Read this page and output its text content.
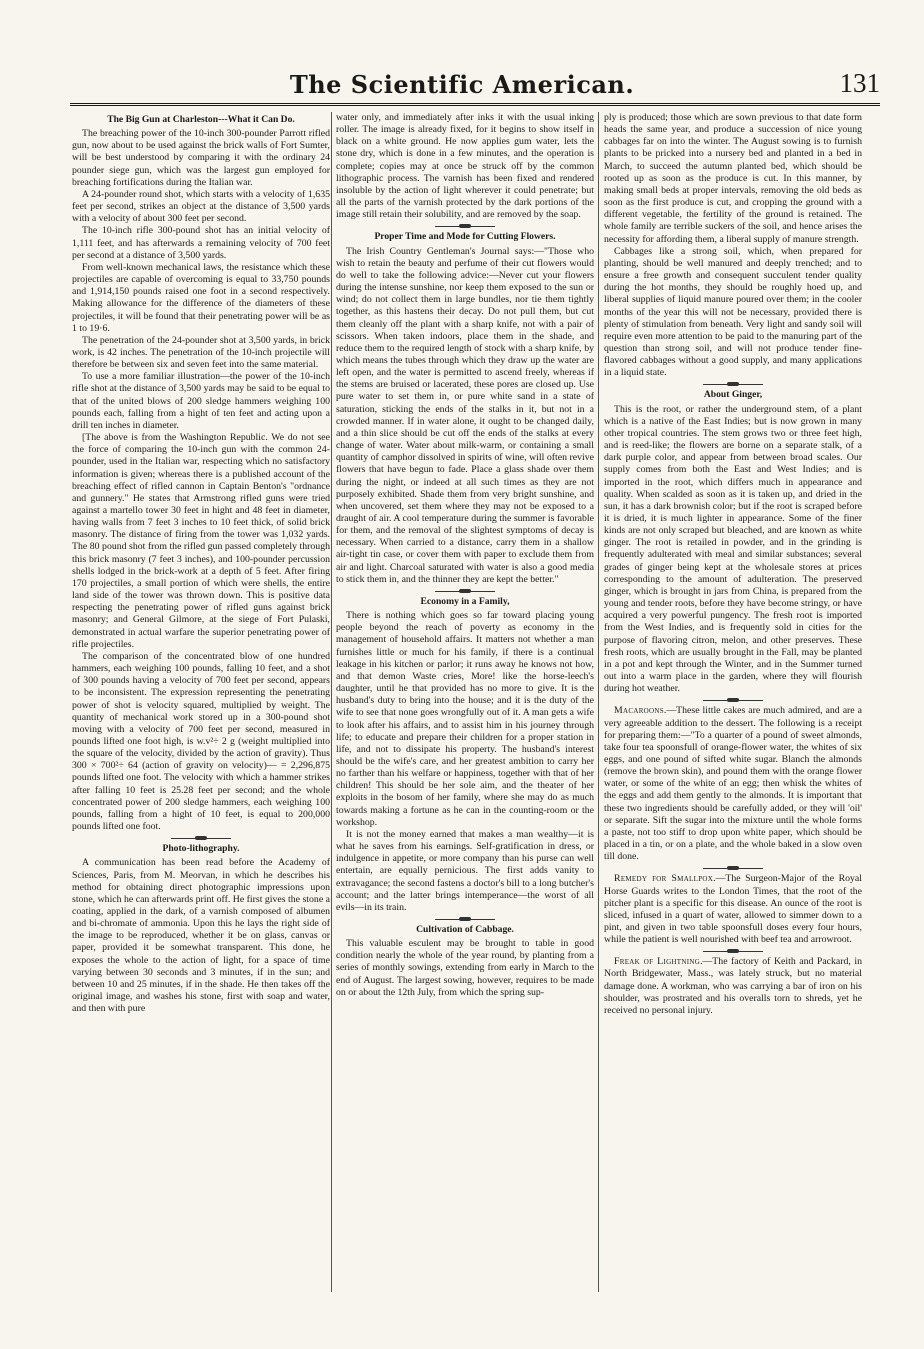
The Scientific American.	131
The Big Gun at Charleston---What it Can Do.

The breaching power of the 10-inch 300-pounder Parrott rifled gun, now about to be used against the brick walls of Fort Sumter, will be best understood by comparing it with the ordinary 24 pounder siege gun, which was the largest gun employed for breaching fortifications during the Italian war.

A 24-pounder round shot, which starts with a velocity of 1,635 feet per second, strikes an object at the distance of 3,500 yards with a velocity of about 300 feet per second.

The 10-inch rifle 300-pound shot has an initial velocity of 1,111 feet, and has afterwards a remaining velocity of 700 feet per second at a distance of 3,500 yards.

From well-known mechanical laws, the resistance which these projectiles are capable of overcoming is equal to 33,750 pounds and 1,914,150 pounds raised one foot in a second respectively. Making allowance for the difference of the diameters of these projectiles, it will be found that their penetrating power will be as 1 to 19·6.

The penetration of the 24-pounder shot at 3,500 yards, in brick work, is 42 inches. The penetration of the 10-inch projectile will therefore be between six and seven feet into the same material.

To use a more familiar illustration—the power of the 10-inch rifle shot at the distance of 3,500 yards may be said to be equal to that of the united blows of 200 sledge hammers weighing 100 pounds each, falling from a hight of ten feet and acting upon a drill ten inches in diameter.

[The above is from the Washington Republic. We do not see the force of comparing the 10-inch gun with the common 24-pounder, used in the Italian war, respecting which no satisfactory information is given; whereas there is a published account of the breaching effect of rifled cannon in Captain Benton's "ordnance and gunnery." He states that Armstrong rifled guns were tried against a martello tower 30 feet in hight and 48 feet in diameter, having walls from 7 feet 3 inches to 10 feet thick, of solid brick masonry. The distance of firing from the tower was 1,032 yards. The 80 pound shot from the rifled gun passed completely through this brick masonry (7 feet 3 inches), and 100-pounder percussion shells lodged in the brick-work at a depth of 5 feet. After firing 170 projectiles, a small portion of which were shells, the entire land side of the tower was thrown down. This is positive data respecting the penetrating power of rifled guns against brick masonry; and General Gilmore, at the siege of Fort Pulaski, demonstrated in actual warfare the superior penetrating power of rifle projectiles.

The comparison of the concentrated blow of one hundred hammers, each weighing 100 pounds, falling 10 feet, and a shot of 300 pounds having a velocity of 700 feet per second, appears to be inconsistent. The expression representing the penetrating power of shot is velocity squared, multiplied by weight. The quantity of mechanical work stored up in a 300-pound shot moving with a velocity of 700 feet per second, measured in pounds lifted one foot high, is w.v²÷ 2 g (weight multiplied into the square of the velocity, divided by the action of gravity). Thus 300 × 700²÷ 64 (action of gravity on velocity)— = 2,296,875 pounds lifted one foot. The velocity with which a hammer strikes after falling 10 feet is 25.28 feet per second; and the whole concentrated power of 200 sledge hammers, each weighing 100 pounds, falling from a hight of 10 feet, is equal to 200,000 pounds lifted one foot.

Photo-lithography.

A communication has been read before the Academy of Sciences, Paris, from M. Meorvan, in which he describes his method for obtaining direct photographic impressions upon stone, which he can afterwards print off. He first gives the stone a coating, applied in the dark, of a varnish composed of albumen and bi-chromate of ammonia. Upon this he lays the right side of the image to be reproduced, whether it be on glass, canvas or paper, provided it be somewhat transparent. This done, he exposes the whole to the action of light, for a space of time varying between 30 seconds and 3 minutes, if in the sun; and between 10 and 25 minutes, if in the shade. He then takes off the original image, and washes his stone, first with soap and water, and then with pure

water only, and immediately after inks it with the usual inking roller. The image is already fixed, for it begins to show itself in black on a white ground. He now applies gum water, lets the stone dry, which is done in a few minutes, and the operation is complete; copies may at once be struck off by the common lithographic process. The varnish has been fixed and rendered insoluble by the action of light wherever it could penetrate; but all the parts of the varnish protected by the dark portions of the image still retain their solubility, and are removed by the soap.

Proper Time and Mode for Cutting Flowers.

The Irish Country Gentleman's Journal says:—"Those who wish to retain the beauty and perfume of their cut flowers would do well to take the following advice:—Never cut your flowers during the intense sunshine, nor keep them exposed to the sun or wind; do not collect them in large bundles, nor tie them tightly together, as this hastens their decay. Do not pull them, but cut them cleanly off the plant with a sharp knife, not with a pair of scissors. When taken indoors, place them in the shade, and reduce them to the required length of stock with a sharp knife, by which means the tubes through which they draw up the water are left open, and the water is permitted to ascend freely, whereas if the stems are bruised or lacerated, these pores are closed up. Use pure water to set them in, or pure white sand in a state of saturation, sticking the ends of the stalks in it, but not in a crowded manner. If in water alone, it ought to be changed daily, and a thin slice should be cut off the ends of the stalks at every change of water. Water about milk-warm, or containing a small quantity of camphor dissolved in spirits of wine, will often revive flowers that have begun to fade. Place a glass shade over them during the night, or indeed at all such times as they are not purposely exhibited. Shade them from very bright sunshine, and when uncovered, set them where they may not be exposed to a draught of air. A cool temperature during the summer is favorable for them, and the removal of the slightest symptoms of decay is necessary. When carried to a distance, carry them in a shallow air-tight tin case, or cover them with paper to exclude them from air and light. Charcoal saturated with water is also a good media to stick them in, and the thinner they are kept the better."

Economy in a Family,

There is nothing which goes so far toward placing young people beyond the reach of poverty as economy in the management of household affairs. It matters not whether a man furnishes little or much for his family, if there is a continual leakage in his kitchen or parlor; it runs away he knows not how, and that demon Waste cries, More! like the horse-leech's daughter, until he that provided has no more to give. It is the husband's duty to bring into the house; and it is the duty of the wife to see that none goes wrongfully out of it. A man gets a wife to look after his affairs, and to assist him in his journey through life; to educate and prepare their children for a proper station in life, and not to dissipate his property. The husband's interest should be the wife's care, and her greatest ambition to carry her no farther than his welfare or happiness, together with that of her children! This should be her sole aim, and the theater of her exploits in the bosom of her family, where she may do as much towards making a fortune as he can in the counting-room or the workshop.

It is not the money earned that makes a man wealthy—it is what he saves from his earnings. Self-gratification in dress, or indulgence in appetite, or more company than his purse can well entertain, are equally pernicious. The first adds vanity to extravagance; the second fastens a doctor's bill to a long butcher's account; and the latter brings intemperance—the worst of all evils—in its train.

Cultivation of Cabbage.

This valuable esculent may be brought to table in good condition nearly the whole of the year round, by planting from a series of monthly sowings, extending from early in March to the end of August. The largest sowing, however, requires to be made on or about the 12th July, from which the spring sup-

ply is produced; those which are sown previous to that date form heads the same year, and produce a succession of nice young cabbages far on into the winter. The August sowing is to furnish plants to be pricked into a nursery bed and planted in a bed in March, to succeed the autumn planted bed, which should be rooted up as soon as the produce is cut. In this manner, by making small beds at proper intervals, removing the old beds as soon as the first produce is cut, and cropping the ground with a different vegetable, the fertility of the ground is retained. The whole family are terrible suckers of the soil, and hence arises the necessity for affording them, a liberal supply of manure strength.

Cabbages like a strong soil, which, when prepared for planting, should be well manured and deeply trenched; and to ensure a free growth and consequent succulent tender quality during the hot months, they should be roughly hoed up, and liberal supplies of liquid manure poured over them; in the cooler months of the year this will not be necessary, provided there is plenty of stimulation from beneath. Very light and sandy soil will require even more attention to be paid to the manuring part of the question than strong soil, and will not produce tender fine-flavored cabbages without a good supply, and many applications in a liquid state.

About Ginger,

This is the root, or rather the underground stem, of a plant which is a native of the East Indies; but is now grown in many other tropical countries. The stem grows two or three feet high, and is reed-like; the flowers are borne on a separate stalk, of a dark purple color, and appear from between broad scales. Our supply comes from both the East and West Indies; and is imported in the root, which differs much in appearance and quality. When scalded as soon as it is taken up, and dried in the sun, it has a dark brownish color; but if the root is scraped before it is dried, it is much lighter in appearance. Some of the finer kinds are not only scraped but bleached, and are known as white ginger. The root is retailed in powder, and in the grinding is frequently adulterated with meal and similar substances; several grades of ginger being kept at the wholesale stores at prices corresponding to the amount of adulteration. The preserved ginger, which is brought in jars from China, is prepared from the young and tender roots, before they have become stringy, or have acquired a very powerful pungency. The fresh root is imported from the West Indies, and is frequently sold in cities for the purpose of flavoring citron, melon, and other preserves. These fresh roots, which are usually brought in the Fall, may be planted in a pot and kept through the Winter, and in the Summer turned out into a warm place in the garden, where they will flourish during hot weather.

Macaroons.—These little cakes are much admired, and are a very agreeable addition to the dessert. The following is a receipt for preparing them:—"To a quarter of a pound of sweet almonds, take four tea spoonsfull of orange-flower water, the whites of six eggs, and one pound of sifted white sugar. Blanch the almonds (remove the brown skin), and pound them with the orange flower water, or some of the white of an egg; then whisk the whites of the eggs and add them gently to the almonds. It is important that these two ingredients should be carefully added, or they will 'oil' or separate. Sift the sugar into the mixture until the whole forms a paste, not too stiff to drop upon white paper, which should be placed in a tin, or on a plate, and the whole baked in a slow oven till done.

Remedy for Smallpox.—The Surgeon-Major of the Royal Horse Guards writes to the London Times, that the root of the pitcher plant is a specific for this disease. An ounce of the root is sliced, infused in a quart of water, allowed to simmer down to a pint, and given in two table spoonsfull doses every four hours, while the patient is well nourished with beef tea and arrowroot.

Freak of Lightning.—The factory of Keith and Packard, in North Bridgewater, Mass., was lately struck, but no material damage done. A workman, who was carrying a bar of iron on his shoulder, was prostrated and his overalls torn to shreds, yet he received no personal injury.
